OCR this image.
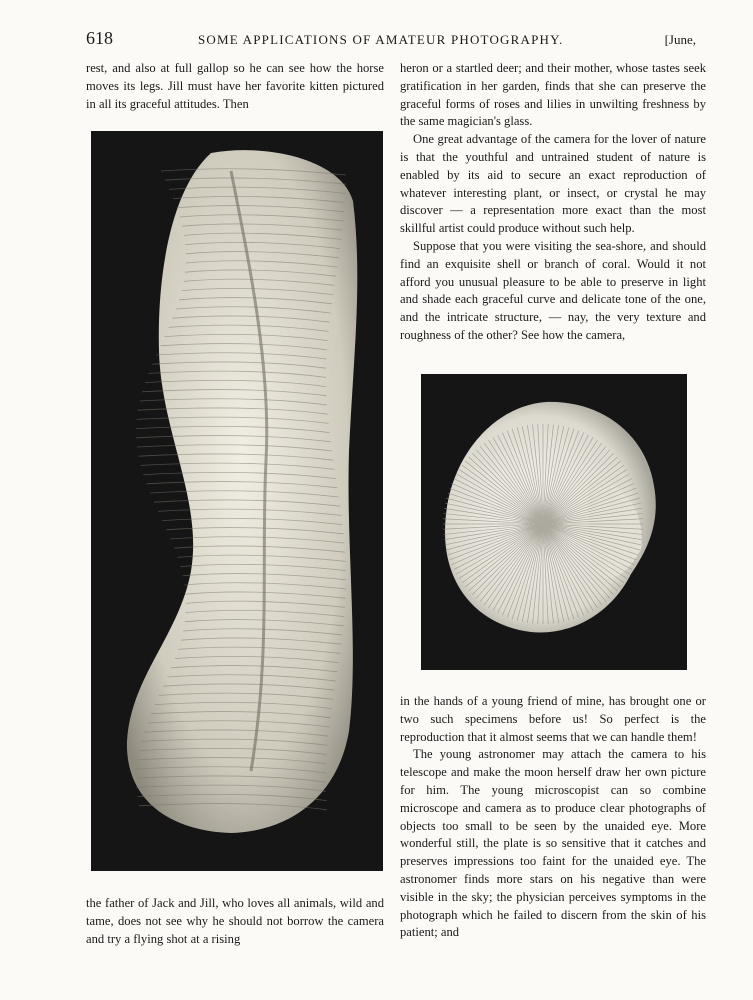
618	SOME APPLICATIONS OF AMATEUR PHOTOGRAPHY.	[June,

rest, and also at full gallop so he can see how the horse moves its legs. Jill must have her favorite kitten pictured in all its graceful attitudes. Then

the father of Jack and Jill, who loves all animals, wild and tame, does not see why he should not borrow the camera and try a flying shot at a rising

heron or a startled deer; and their mother, whose tastes seek gratification in her garden, finds that she can preserve the graceful forms of roses and lilies in unwilting freshness by the same magician's glass.

One great advantage of the camera for the lover of nature is that the youthful and untrained student of nature is enabled by its aid to secure an exact reproduction of whatever interesting plant, or insect, or crystal he may discover — a representation more exact than the most skillful artist could produce without such help.

Suppose that you were visiting the sea-shore, and should find an exquisite shell or branch of coral. Would it not afford you unusual pleasure to be able to preserve in light and shade each graceful curve and delicate tone of the one, and the intricate structure, — nay, the very texture and roughness of the other? See how the camera,

in the hands of a young friend of mine, has brought one or two such specimens before us! So perfect is the reproduction that it almost seems that we can handle them!

The young astronomer may attach the camera to his telescope and make the moon herself draw her own picture for him. The young microscopist can so combine microscope and camera as to produce clear photographs of objects too small to be seen by the unaided eye. More wonderful still, the plate is so sensitive that it catches and preserves impressions too faint for the unaided eye. The astronomer finds more stars on his negative than were visible in the sky; the physician perceives symptoms in the photograph which he failed to discern from the skin of his patient; and
